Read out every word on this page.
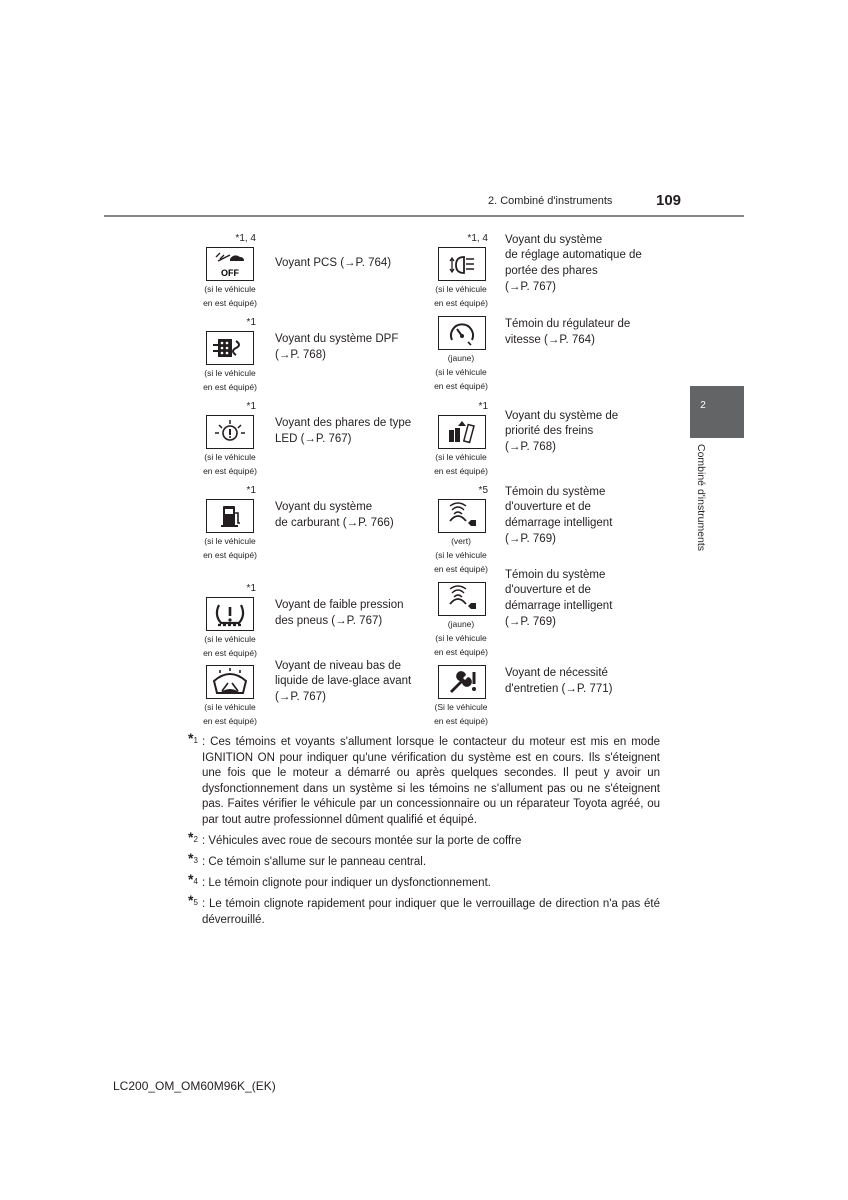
2. Combiné d'instruments	109
2
Combiné d'instruments
*1, 4
OFF
(si le véhicule
en est équipé)
Voyant PCS (→P. 764)
*1
(si le véhicule
en est équipé)
Voyant du système DPF
(→P. 768)
*1
(si le véhicule
en est équipé)
Voyant des phares de type
LED (→P. 767)
*1
(si le véhicule
en est équipé)
Voyant du système
de carburant (→P. 766)
*1
(si le véhicule
en est équipé)
Voyant de faible pression
des pneus (→P. 767)
(si le véhicule
en est équipé)
Voyant de niveau bas de
liquide de lave-glace avant
(→P. 767)
*1, 4
(si le véhicule
en est équipé)
Voyant du système
de réglage automatique de
portée des phares
(→P. 767)
(jaune)
(si le véhicule
en est équipé)
Témoin du régulateur de
vitesse (→P. 764)
*1
(si le véhicule
en est équipé)
Voyant du système de
priorité des freins
(→P. 768)
*5
(vert)
(si le véhicule
en est équipé)
Témoin du système
d'ouverture et de
démarrage intelligent
(→P. 769)
(jaune)
(si le véhicule
en est équipé)
Témoin du système
d'ouverture et de
démarrage intelligent
(→P. 769)
(Si le véhicule
en est équipé)
Voyant de nécessité
d'entretien (→P. 771)
*$^1$ : Ces témoins et voyants s'allument lorsque le contacteur du moteur est mis en mode IGNITION ON pour indiquer qu'une vérification du système est en cours. Ils s'éteignent une fois que le moteur a démarré ou après quelques secondes. Il peut y avoir un dysfonctionnement dans un système si les témoins ne s'allument pas ou ne s'éteignent pas. Faites vérifier le véhicule par un concessionnaire ou un réparateur Toyota agréé, ou par tout autre professionnel dûment qualifié et équipé.
*$^2$ : Véhicules avec roue de secours montée sur la porte de coffre
*$^3$ : Ce témoin s'allume sur le panneau central.
*$^4$ : Le témoin clignote pour indiquer un dysfonctionnement.
*$^5$ : Le témoin clignote rapidement pour indiquer que le verrouillage de direction n'a pas été déverrouillé.
LC200_OM_OM60M96K_(EK)
